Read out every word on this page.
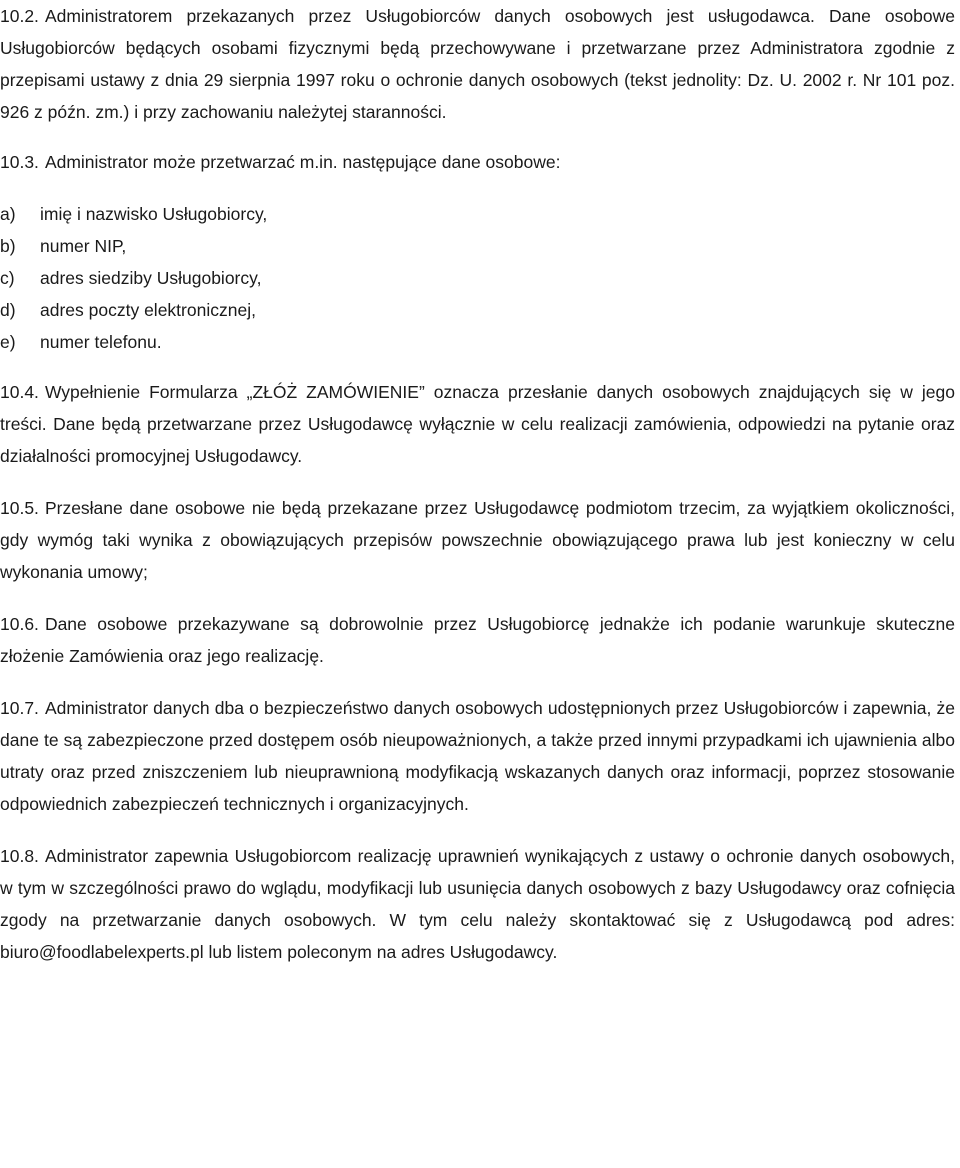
10.2. Administratorem przekazanych przez Usługobiorców danych osobowych jest usługodawca. Dane osobowe Usługobiorców będących osobami fizycznymi będą przechowywane i przetwarzane przez Administratora zgodnie z przepisami ustawy z dnia 29 sierpnia 1997 roku o ochronie danych osobowych (tekst jednolity: Dz. U. 2002 r. Nr 101 poz. 926 z późn. zm.) i przy zachowaniu należytej staranności.

10.3. Administrator może przetwarzać m.in. następujące dane osobowe:

a)	imię i nazwisko Usługobiorcy,
b)	numer NIP,
c)	adres siedziby Usługobiorcy,
d)	adres poczty elektronicznej,
e)	numer telefonu.

10.4. Wypełnienie Formularza „ZŁÓŻ ZAMÓWIENIE” oznacza przesłanie danych osobowych znajdujących się w jego treści. Dane będą przetwarzane przez Usługodawcę wyłącznie w celu realizacji zamówienia, odpowiedzi na pytanie oraz działalności promocyjnej Usługodawcy.

10.5. Przesłane dane osobowe nie będą przekazane przez Usługodawcę podmiotom trzecim, za wyjątkiem okoliczności, gdy wymóg taki wynika z obowiązujących przepisów powszechnie obowiązującego prawa lub jest konieczny w celu wykonania umowy;

10.6. Dane osobowe przekazywane są dobrowolnie przez Usługobiorcę jednakże ich podanie warunkuje skuteczne złożenie Zamówienia oraz jego realizację.

10.7. Administrator danych dba o bezpieczeństwo danych osobowych udostępnionych przez Usługobiorców i zapewnia, że dane te są zabezpieczone przed dostępem osób nieupoważnionych, a także przed innymi przypadkami ich ujawnienia albo utraty oraz przed zniszczeniem lub nieuprawnioną modyfikacją wskazanych danych oraz informacji, poprzez stosowanie odpowiednich zabezpieczeń technicznych i organizacyjnych.

10.8. Administrator zapewnia Usługobiorcom realizację uprawnień wynikających z ustawy o ochronie danych osobowych, w tym w szczególności prawo do wglądu, modyfikacji lub usunięcia danych osobowych z bazy Usługodawcy oraz cofnięcia zgody na przetwarzanie danych osobowych. W tym celu należy skontaktować się z Usługodawcą pod adres: biuro@foodlabelexperts.pl lub listem poleconym na adres Usługodawcy.
